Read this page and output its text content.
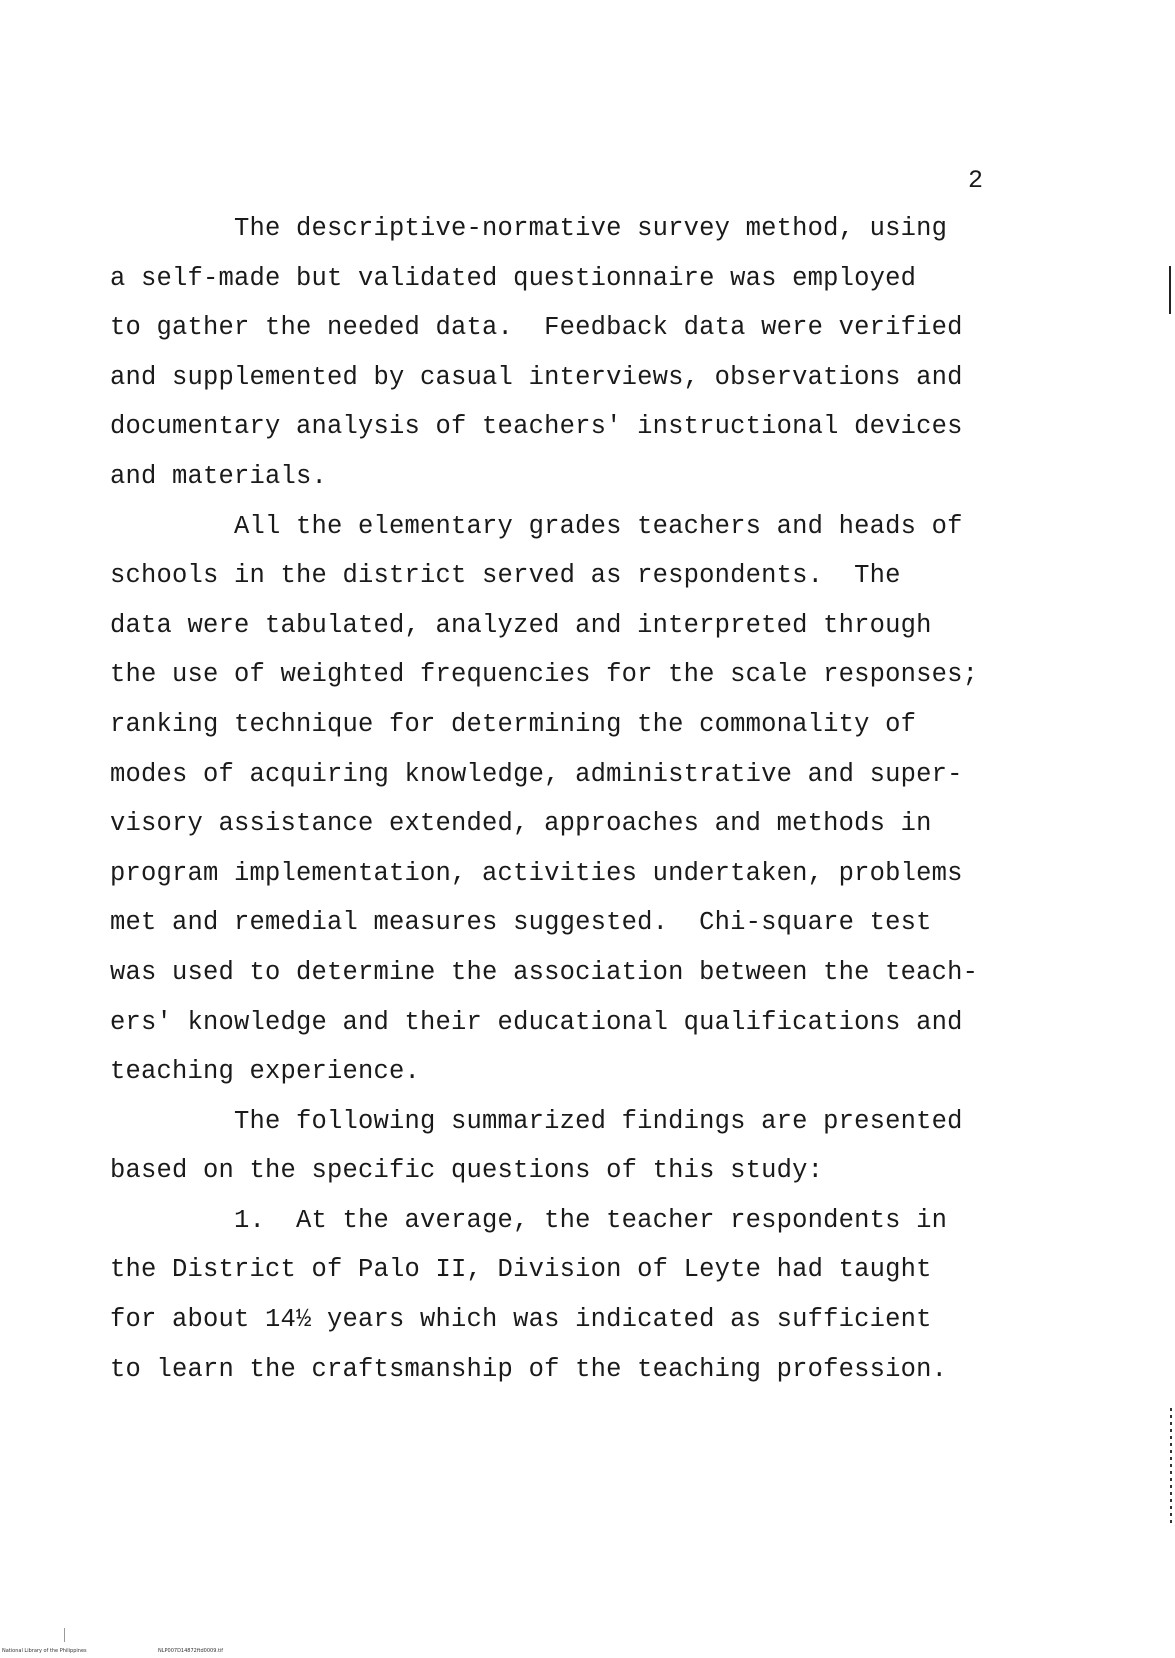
2
The descriptive-normative survey method, using
a self-made but validated questionnaire was employed
to gather the needed data.  Feedback data were verified
and supplemented by casual interviews, observations and
documentary analysis of teachers' instructional devices
and materials.
All the elementary grades teachers and heads of
schools in the district served as respondents.  The
data were tabulated, analyzed and interpreted through
the use of weighted frequencies for the scale responses;
ranking technique for determining the commonality of
modes of acquiring knowledge, administrative and super-
visory assistance extended, approaches and methods in
program implementation, activities undertaken, problems
met and remedial measures suggested.  Chi-square test
was used to determine the association between the teach-
ers' knowledge and their educational qualifications and
teaching experience.
The following summarized findings are presented
based on the specific questions of this study:
1.  At the average, the teacher respondents in
the District of Palo II, Division of Leyte had taught
for about 14½ years which was indicated as sufficient
to learn the craftsmanship of the teaching profession.
National Library of the Philippines	NLP007D14872ftd0009.tif
